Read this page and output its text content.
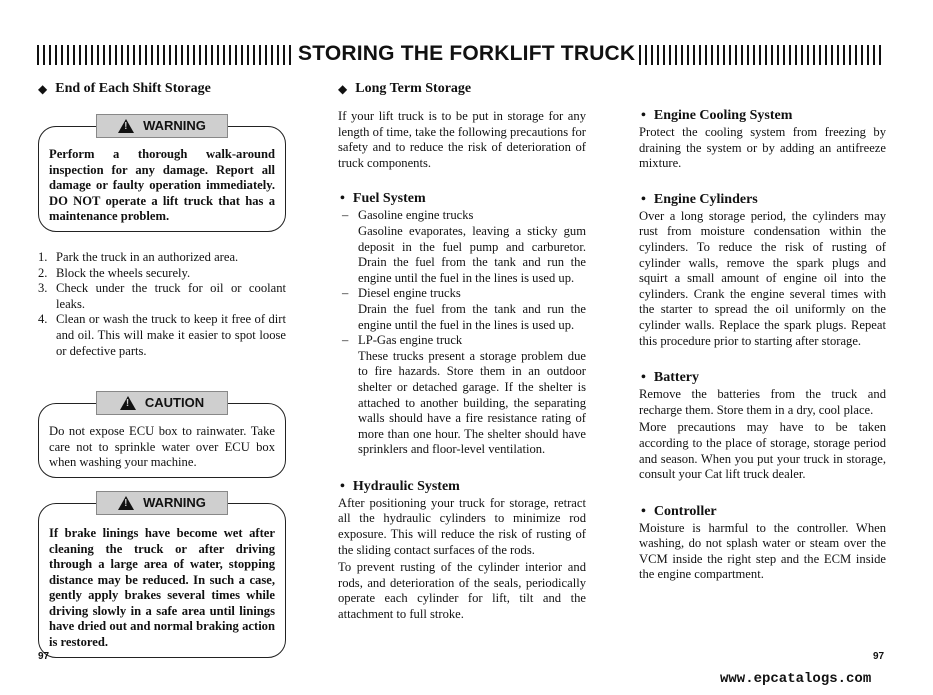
STORING THE FORKLIFT TRUCK
◆ End of Each Shift Storage
!
WARNING

Perform a thorough walk-around inspection for any damage. Report all damage or faulty operation immediately. DO NOT operate a lift truck that has a maintenance problem.

1. Park the truck in an authorized area.
2. Block the wheels securely.
3. Check under the truck for oil or coolant leaks.
4. Clean or wash the truck to keep it free of dirt and oil. This will make it easier to spot loose or defective parts.
!
CAUTION

Do not expose ECU box to rainwater. Take care not to sprinkle water over ECU box when washing your machine.

!
WARNING

If brake linings have become wet after cleaning the truck or after driving through a large area of water, stopping distance may be reduced. In such a case, gently apply brakes several times while driving slowly in a safe area until linings have dried out and normal braking action is restored.

◆ Long Term Storage

If your lift truck is to be put in storage for any length of time, take the following precautions for safety and to reduce the risk of deterioration of truck components.

• Fuel System
– Gasoline engine trucks

Gasoline evaporates, leaving a sticky gum deposit in the fuel pump and carburetor. Drain the fuel from the tank and run the engine until the fuel in the lines is used up.

– Diesel engine trucks

Drain the fuel from the tank and run the engine until the fuel in the lines is used up.

– LP-Gas engine truck

These trucks present a storage problem due to fire hazards. Store them in an outdoor shelter or detached garage. If the shelter is attached to another building, the separating walls should have a fire resistance rating of more than one hour. The shelter should have sprinklers and floor-level ventilation.

• Hydraulic System

After positioning your truck for storage, retract all the hydraulic cylinders to minimize rod exposure. This will reduce the risk of rusting of the sliding contact surfaces of the rods.

To prevent rusting of the cylinder interior and rods, and deterioration of the seals, periodically operate each cylinder for lift, tilt and the attachment to full stroke.

• Engine Cooling System

Protect the cooling system from freezing by draining the system or by adding an antifreeze mixture.

• Engine Cylinders

Over a long storage period, the cylinders may rust from moisture condensation within the cylinders. To reduce the risk of rusting of cylinder walls, remove the spark plugs and squirt a small amount of engine oil into the cylinders. Crank the engine several times with the starter to spread the oil uniformly on the cylinder walls. Replace the spark plugs. Repeat this procedure prior to starting after storage.

• Battery

Remove the batteries from the truck and recharge them. Store them in a dry, cool place.

More precautions may have to be taken according to the place of storage, storage period and season. When you put your truck in storage, consult your Cat lift truck dealer.

• Controller

Moisture is harmful to the controller. When washing, do not splash water or steam over the VCM inside the right step and the ECM inside the engine compartment.

97	97
www.epcatalogs.com
